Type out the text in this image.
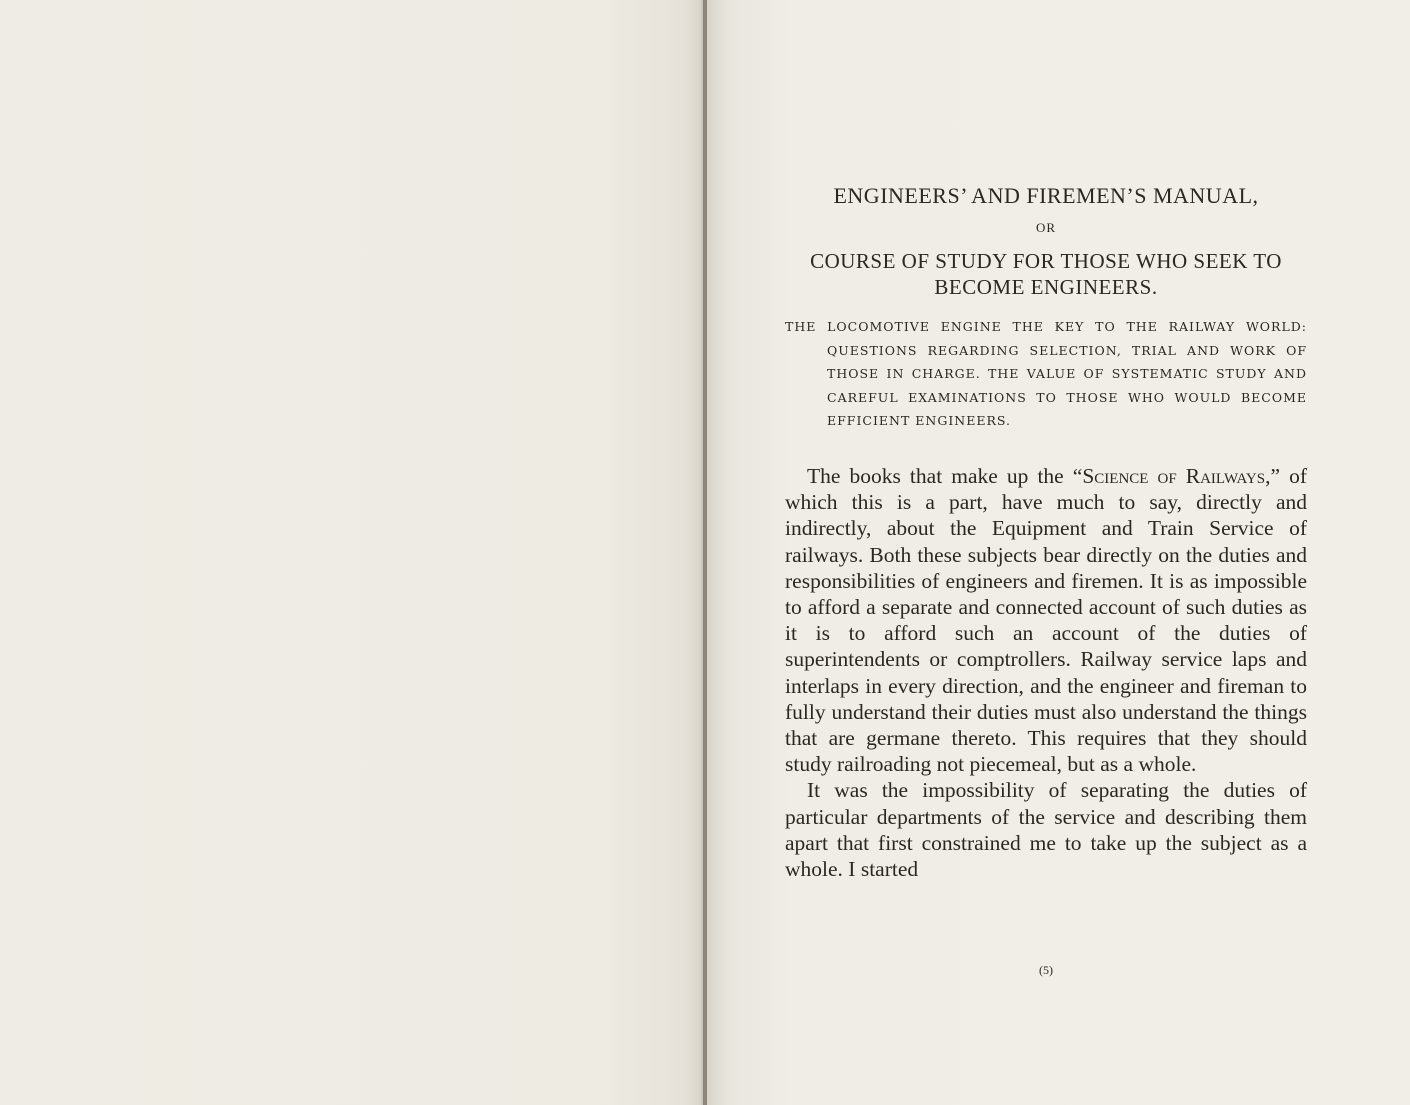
ENGINEERS’ AND FIREMEN’S MANUAL,
OR
COURSE OF STUDY FOR THOSE WHO SEEK TO
BECOME ENGINEERS.
THE LOCOMOTIVE ENGINE THE KEY TO THE RAILWAY WORLD: QUESTIONS REGARDING SELECTION, TRIAL AND WORK OF THOSE IN CHARGE. THE VALUE OF SYSTEMATIC STUDY AND CAREFUL EXAMINATIONS TO THOSE WHO WOULD BECOME EFFICIENT ENGINEERS.

The books that make up the “Science of Railways,” of which this is a part, have much to say, directly and indirectly, about the Equipment and Train Service of railways. Both these subjects bear directly on the duties and responsibilities of engineers and firemen. It is as impossible to afford a separate and connected account of such duties as it is to afford such an account of the duties of superintendents or comptrollers. Railway service laps and interlaps in every direction, and the engineer and fireman to fully understand their duties must also understand the things that are germane thereto. This requires that they should study railroading not piecemeal, but as a whole.

It was the impossibility of separating the duties of particular departments of the service and describing them apart that first constrained me to take up the subject as a whole. I started

(5)
